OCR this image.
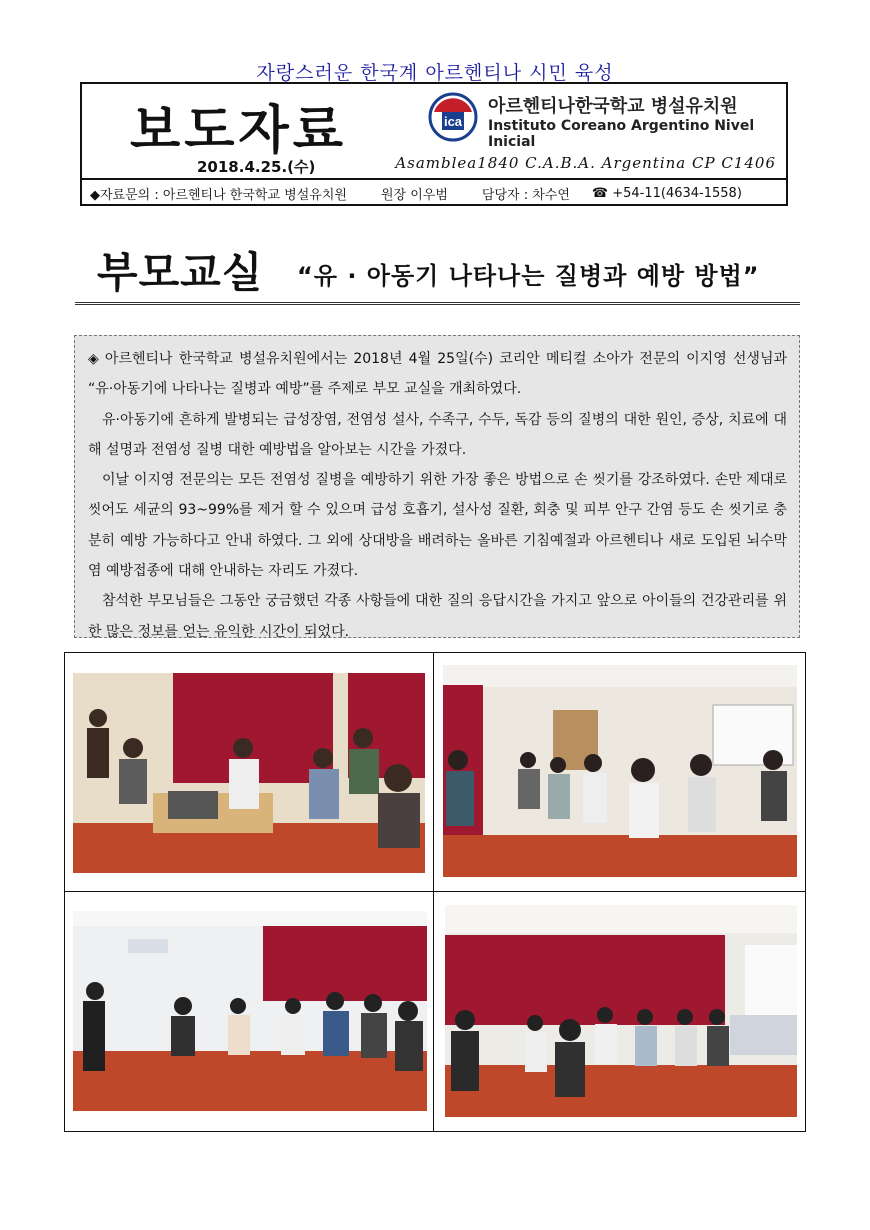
자랑스러운 한국계 아르헨티나 시민 육성
보도자료
2018.4.25.(수)
ica
아르헨티나한국학교 병설유치원
Instituto Coreano Argentino Nivel Inicial
Asamblea1840 C.A.B.A. Argentina CP C1406
◆자료문의 : 아르헨티나 한국학교 병설유치원	원장 이우범	담당자 : 차수연 ☎ +54-11(4634-1558)
부모교실 “유 · 아동기 나타나는 질병과 예방 방법”

◈ 아르헨티나 한국학교 병설유치원에서는 2018년 4월 25일(수) 코리안 메티컬 소아가 전문의 이지영 선생님과 “유·아동기에 나타나는 질병과 예방”를 주제로 부모 교실을 개최하였다.

유·아동기에 흔하게 발병되는 급성장염, 전염성 설사, 수족구, 수두, 독감 등의 질병의 대한 원인, 증상, 치료에 대해 설명과 전염성 질병 대한 예방법을 알아보는 시간을 가졌다.

이날 이지영 전문의는 모든 전염성 질병을 예방하기 위한 가장 좋은 방법으로 손 씻기를 강조하였다. 손만 제대로 씻어도 세균의 93~99%를 제거 할 수 있으며 급성 호흡기, 설사성 질환, 회충 및 피부 안구 간염 등도 손 씻기로 충분히 예방 가능하다고 안내 하였다. 그 외에 상대방을 배려하는 올바른 기침예절과 아르헨티나 새로 도입된 뇌수막염 예방접종에 대해 안내하는 자리도 가졌다.

참석한 부모님들은 그동안 궁금했던 각종 사항들에 대한 질의 응답시간을 가지고 앞으로 아이들의 건강관리를 위한 많은 정보를 얻는 유익한 시간이 되었다.
